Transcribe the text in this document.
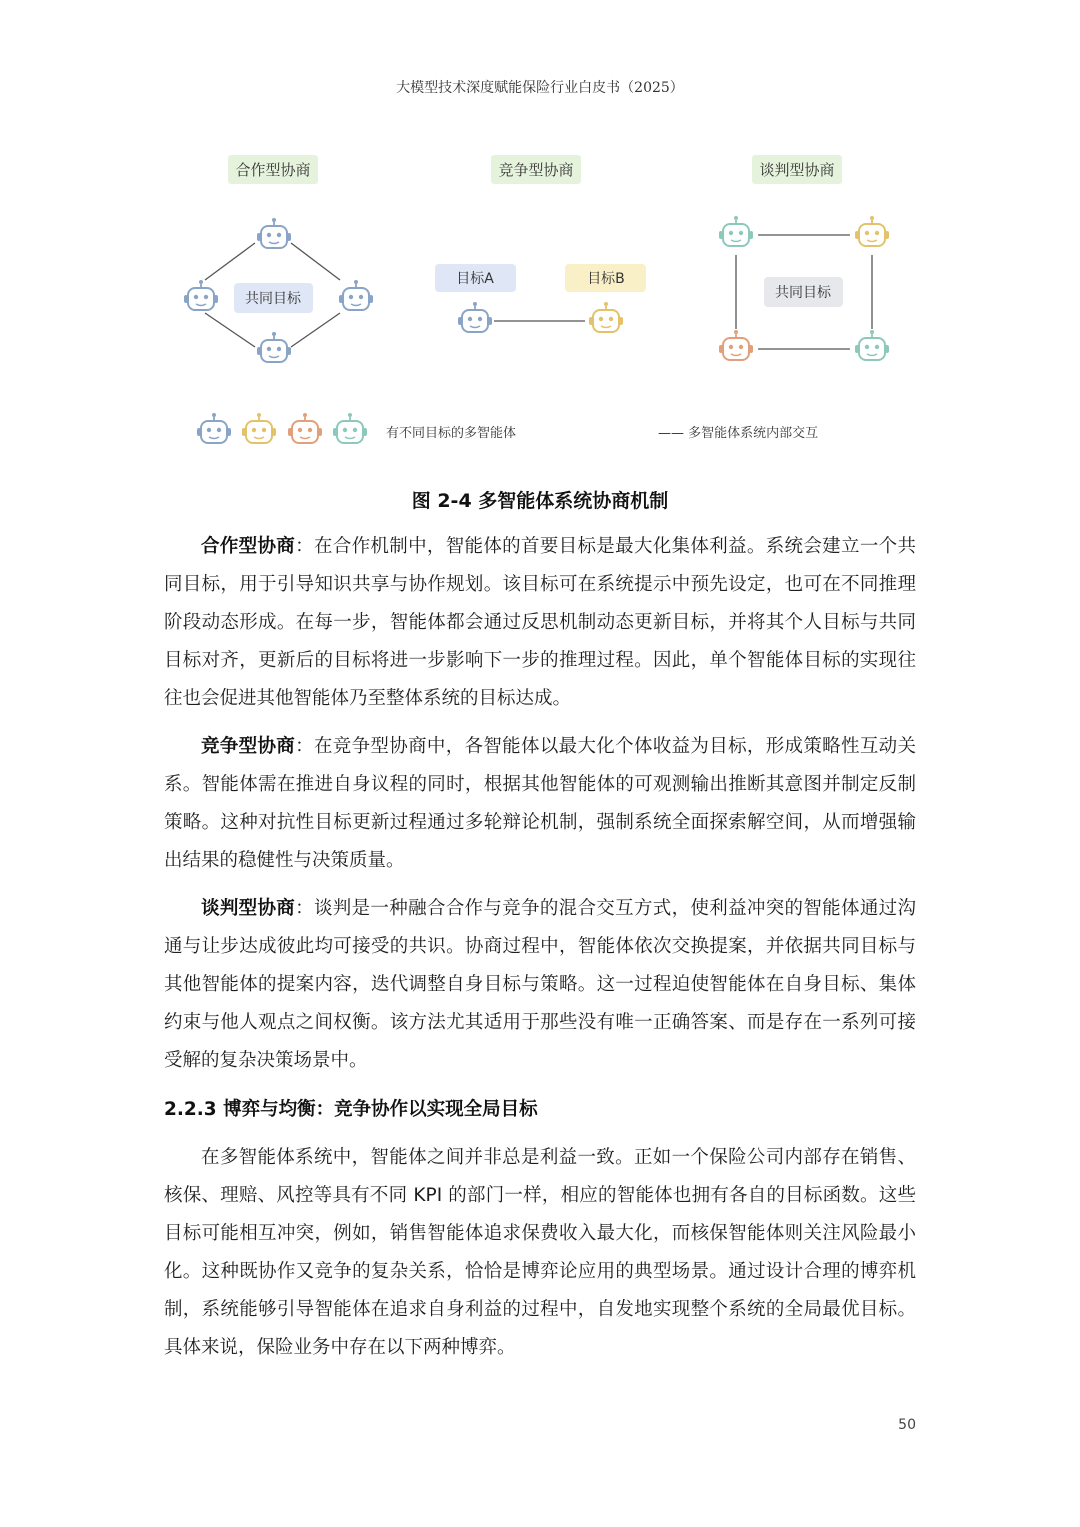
大模型技术深度赋能保险行业白皮书（2025）
合作型协商
共同目标
竞争型协商
目标A	目标B
谈判型协商
共同目标
有不同目标的多智能体	—— 多智能体系统内部交互
图 2-4 多智能体系统协商机制

合作型协商：在合作机制中，智能体的首要目标是最大化集体利益。系统会建立一个共同目标，用于引导知识共享与协作规划。该目标可在系统提示中预先设定，也可在不同推理阶段动态形成。在每一步，智能体都会通过反思机制动态更新目标，并将其个人目标与共同目标对齐，更新后的目标将进一步影响下一步的推理过程。因此，单个智能体目标的实现往往也会促进其他智能体乃至整体系统的目标达成。

竞争型协商：在竞争型协商中，各智能体以最大化个体收益为目标，形成策略性互动关系。智能体需在推进自身议程的同时，根据其他智能体的可观测输出推断其意图并制定反制策略。这种对抗性目标更新过程通过多轮辩论机制，强制系统全面探索解空间，从而增强输出结果的稳健性与决策质量。

谈判型协商：谈判是一种融合合作与竞争的混合交互方式，使利益冲突的智能体通过沟通与让步达成彼此均可接受的共识。协商过程中，智能体依次交换提案，并依据共同目标与其他智能体的提案内容，迭代调整自身目标与策略。这一过程迫使智能体在自身目标、集体约束与他人观点之间权衡。该方法尤其适用于那些没有唯一正确答案、而是存在一系列可接受解的复杂决策场景中。

2.2.3 博弈与均衡：竞争协作以实现全局目标

在多智能体系统中，智能体之间并非总是利益一致。正如一个保险公司内部存在销售、核保、理赔、风控等具有不同 KPI 的部门一样，相应的智能体也拥有各自的目标函数。这些目标可能相互冲突，例如，销售智能体追求保费收入最大化，而核保智能体则关注风险最小化。这种既协作又竞争的复杂关系，恰恰是博弈论应用的典型场景。通过设计合理的博弈机制，系统能够引导智能体在追求自身利益的过程中，自发地实现整个系统的全局最优目标。具体来说，保险业务中存在以下两种博弈。

50
